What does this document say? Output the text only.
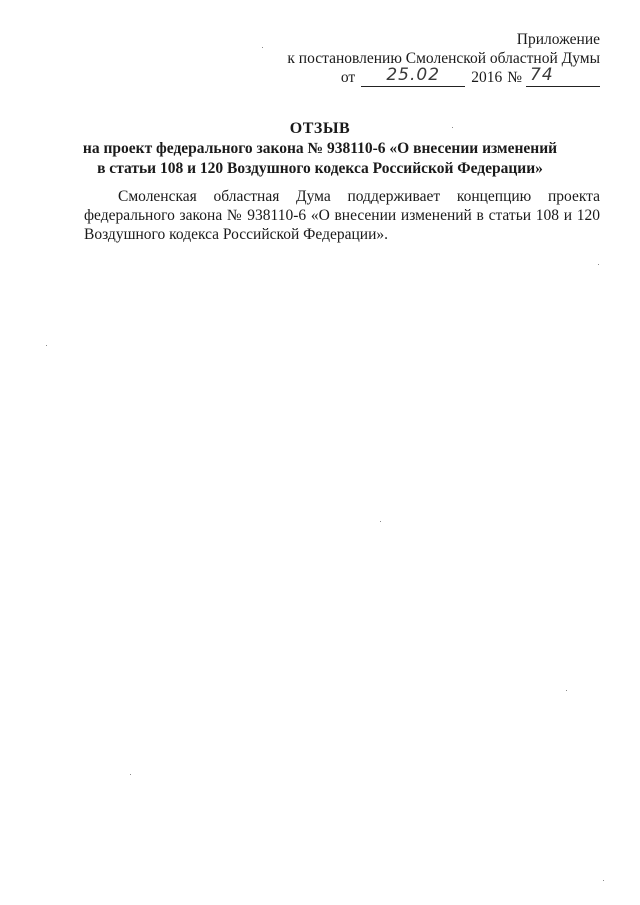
Приложение
к постановлению Смоленской областной Думы
от	25.02	2016 № 74
ОТЗЫВ
на проект федерального закона № 938110-6 «О внесении изменений
в статьи 108 и 120 Воздушного кодекса Российской Федерации»

Смоленская областная Дума поддерживает концепцию проекта федерального закона № 938110-6 «О внесении изменений в статьи 108 и 120 Воздушного кодекса Российской Федерации».
